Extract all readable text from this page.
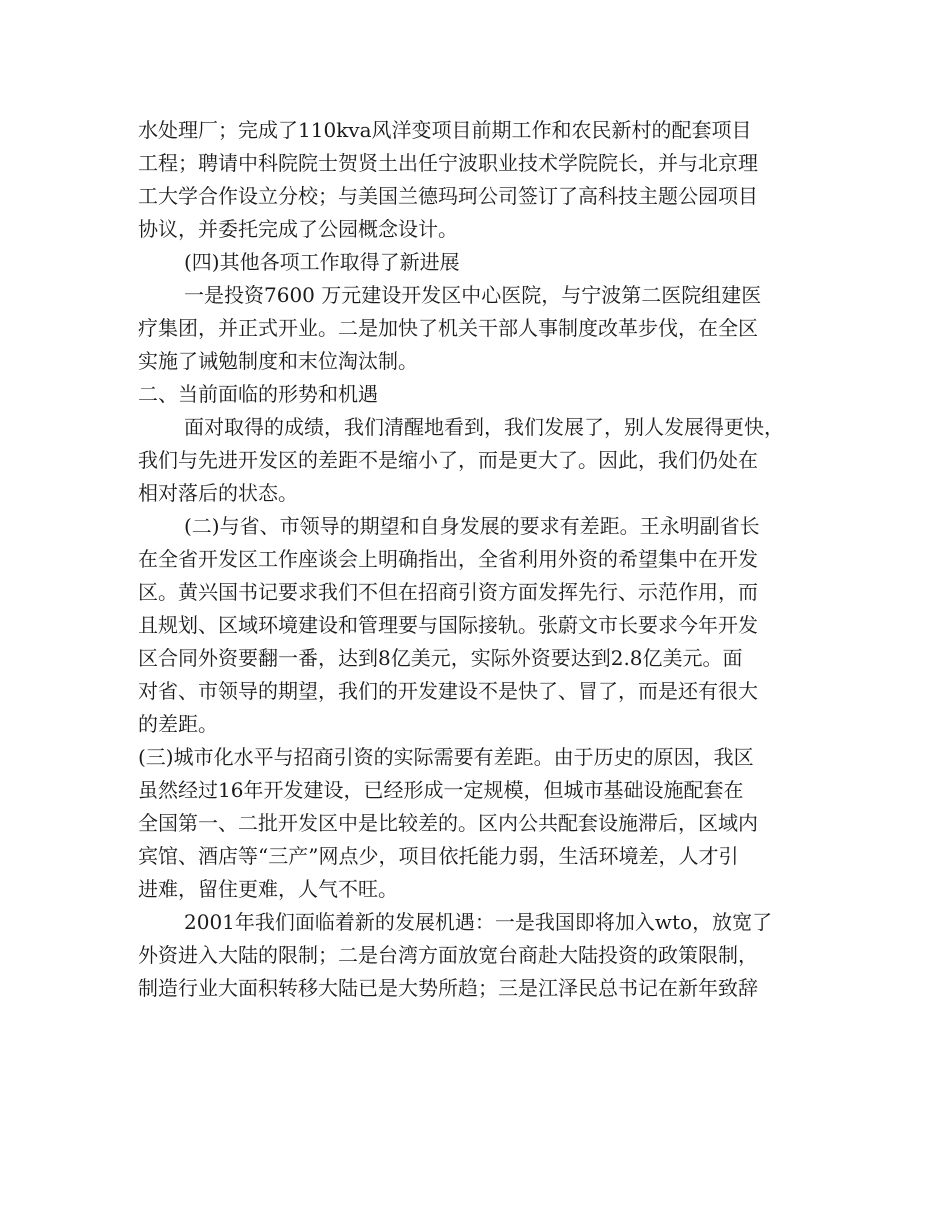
水处理厂；完成了110kva风洋变项目前期工作和农民新村的配套项目
工程；聘请中科院院士贺贤土出任宁波职业技术学院院长，并与北京理
工大学合作设立分校；与美国兰德玛珂公司签订了高科技主题公园项目
协议，并委托完成了公园概念设计。
(四)其他各项工作取得了新进展
一是投资7600 万元建设开发区中心医院，与宁波第二医院组建医
疗集团，并正式开业。二是加快了机关干部人事制度改革步伐，在全区
实施了诫勉制度和末位淘汰制。
二、当前面临的形势和机遇
面对取得的成绩，我们清醒地看到，我们发展了，别人发展得更快，
我们与先进开发区的差距不是缩小了，而是更大了。因此，我们仍处在
相对落后的状态。
(二)与省、市领导的期望和自身发展的要求有差距。王永明副省长
在全省开发区工作座谈会上明确指出，全省利用外资的希望集中在开发
区。黄兴国书记要求我们不但在招商引资方面发挥先行、示范作用，而
且规划、区域环境建设和管理要与国际接轨。张蔚文市长要求今年开发
区合同外资要翻一番，达到8亿美元，实际外资要达到2.8亿美元。面
对省、市领导的期望，我们的开发建设不是快了、冒了，而是还有很大
的差距。
(三)城市化水平与招商引资的实际需要有差距。由于历史的原因，我区
虽然经过16年开发建设，已经形成一定规模，但城市基础设施配套在
全国第一、二批开发区中是比较差的。区内公共配套设施滞后，区域内
宾馆、酒店等“三产”网点少，项目依托能力弱，生活环境差，人才引
进难，留住更难，人气不旺。
2001年我们面临着新的发展机遇：一是我国即将加入wto，放宽了
外资进入大陆的限制；二是台湾方面放宽台商赴大陆投资的政策限制，
制造行业大面积转移大陆已是大势所趋；三是江泽民总书记在新年致辞
